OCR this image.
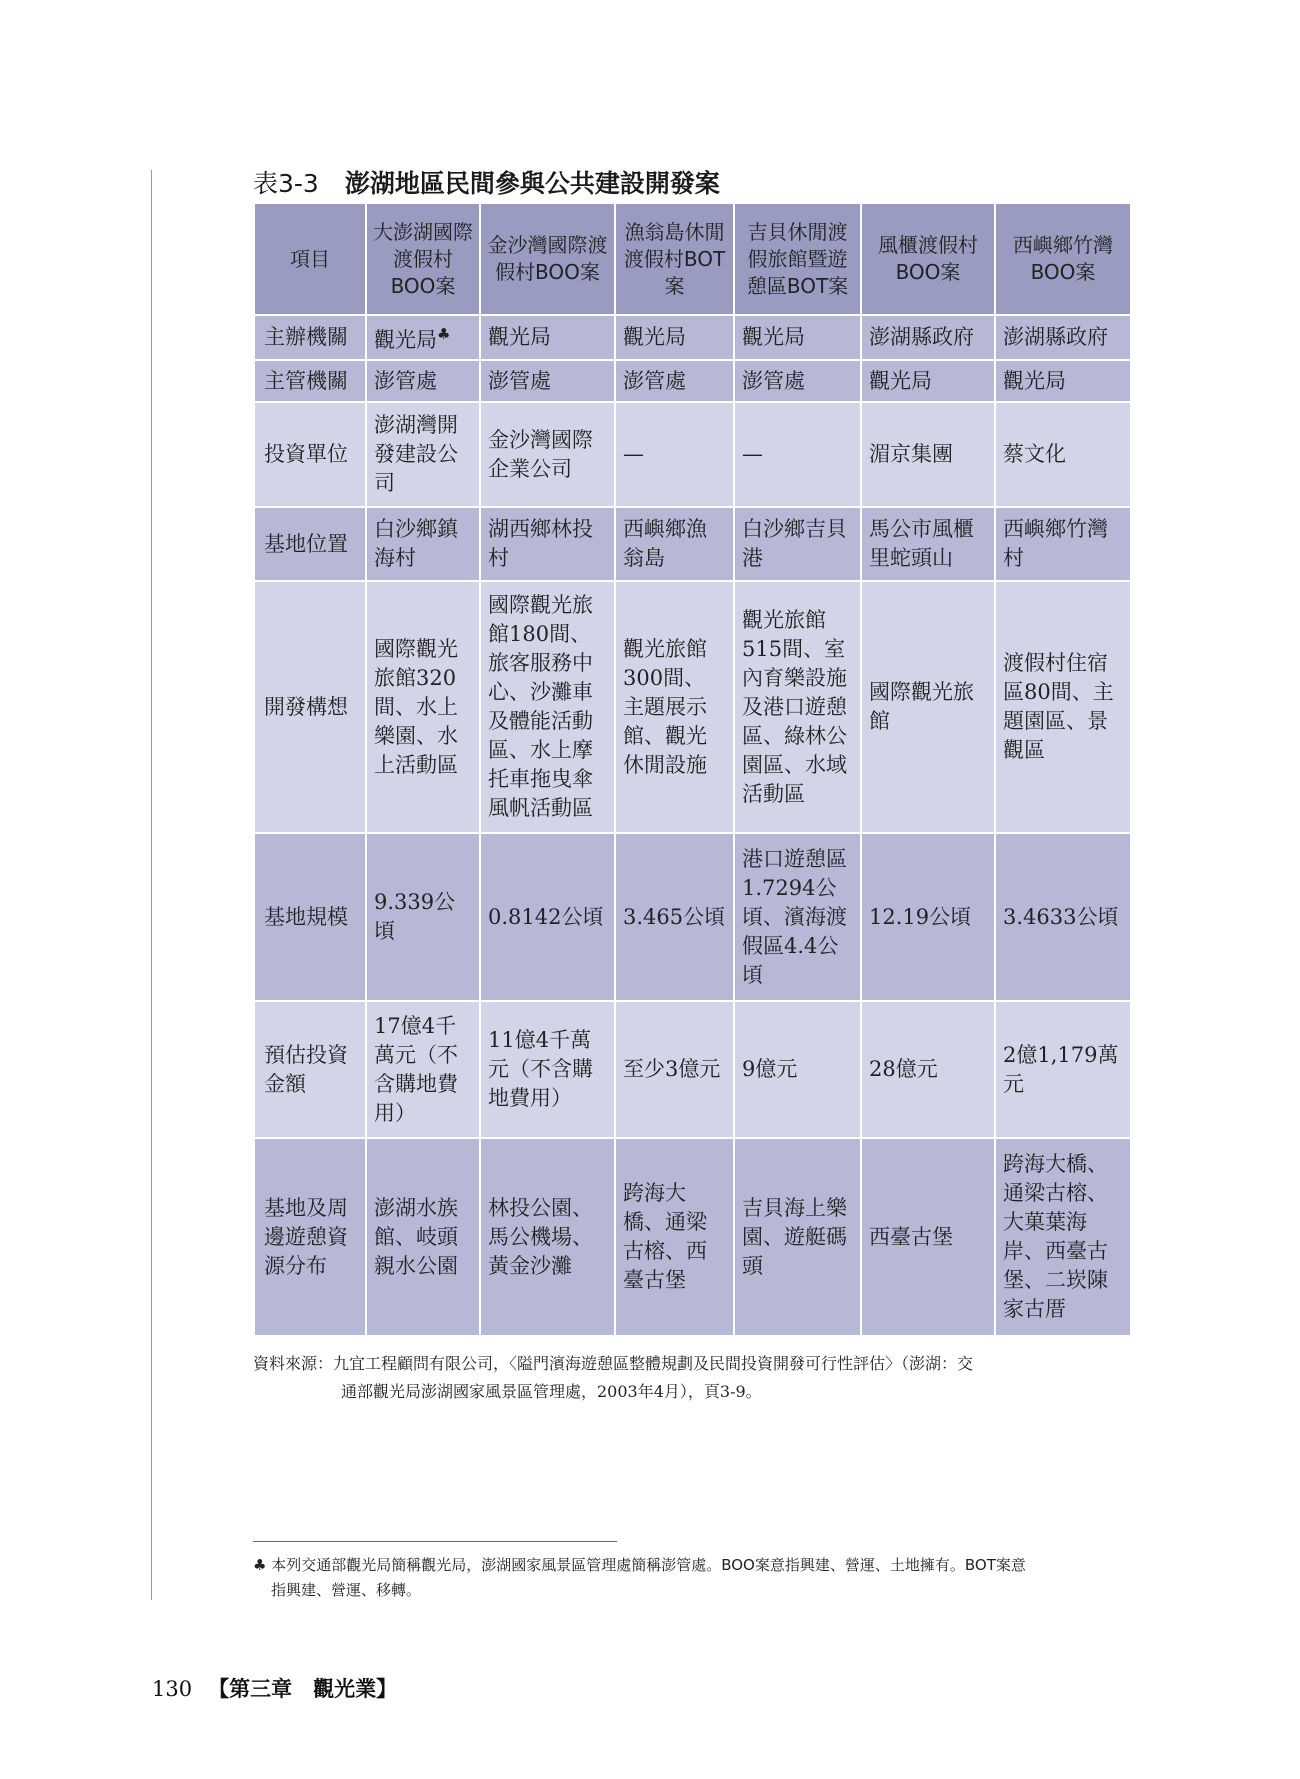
表3-3 澎湖地區民間參與公共建設開發案
項目	大澎湖國際渡假村BOO案	金沙灣國際渡假村BOO案	漁翁島休閒渡假村BOT案	吉貝休閒渡假旅館暨遊憩區BOT案	風櫃渡假村BOO案	西嶼鄉竹灣BOO案
主辦機關	觀光局♣	觀光局	觀光局	觀光局	澎湖縣政府	澎湖縣政府
主管機關	澎管處	澎管處	澎管處	澎管處	觀光局	觀光局
投資單位	澎湖灣開發建設公司	金沙灣國際企業公司	—	—	湄京集團	蔡文化
基地位置	白沙鄉鎮海村	湖西鄉林投村	西嶼鄉漁翁島	白沙鄉吉貝港	馬公市風櫃里蛇頭山	西嶼鄉竹灣村
開發構想	國際觀光旅館320間、水上樂園、水上活動區	國際觀光旅館180間、旅客服務中心、沙灘車及體能活動區、水上摩托車拖曳傘風帆活動區	觀光旅館300間、主題展示館、觀光休閒設施	觀光旅館515間、室內育樂設施及港口遊憩區、綠林公園區、水域活動區	國際觀光旅館	渡假村住宿區80間、主題園區、景觀區
基地規模	9.339公頃	0.8142公頃	3.465公頃	港口遊憩區1.7294公頃、濱海渡假區4.4公頃	12.19公頃	3.4633公頃
預估投資金額	17億4千萬元（不含購地費用）	11億4千萬元（不含購地費用）	至少3億元	9億元	28億元	2億1,179萬元
基地及周邊遊憩資源分布	澎湖水族館、岐頭親水公園	林投公園、馬公機場、黃金沙灘	跨海大橋、通梁古榕、西臺古堡	吉貝海上樂園、遊艇碼頭	西臺古堡	跨海大橋、通梁古榕、大菓葉海岸、西臺古堡、二崁陳家古厝
資料來源：九宜工程顧問有限公司，〈隘門濱海遊憩區整體規劃及民間投資開發可行性評估〉（澎湖：交
通部觀光局澎湖國家風景區管理處，2003年4月），頁3-9。
♣ 本列交通部觀光局簡稱觀光局，澎湖國家風景區管理處簡稱澎管處。BOO案意指興建、營運、土地擁有。BOT案意
指興建、營運、移轉。
130 【第三章　觀光業】
